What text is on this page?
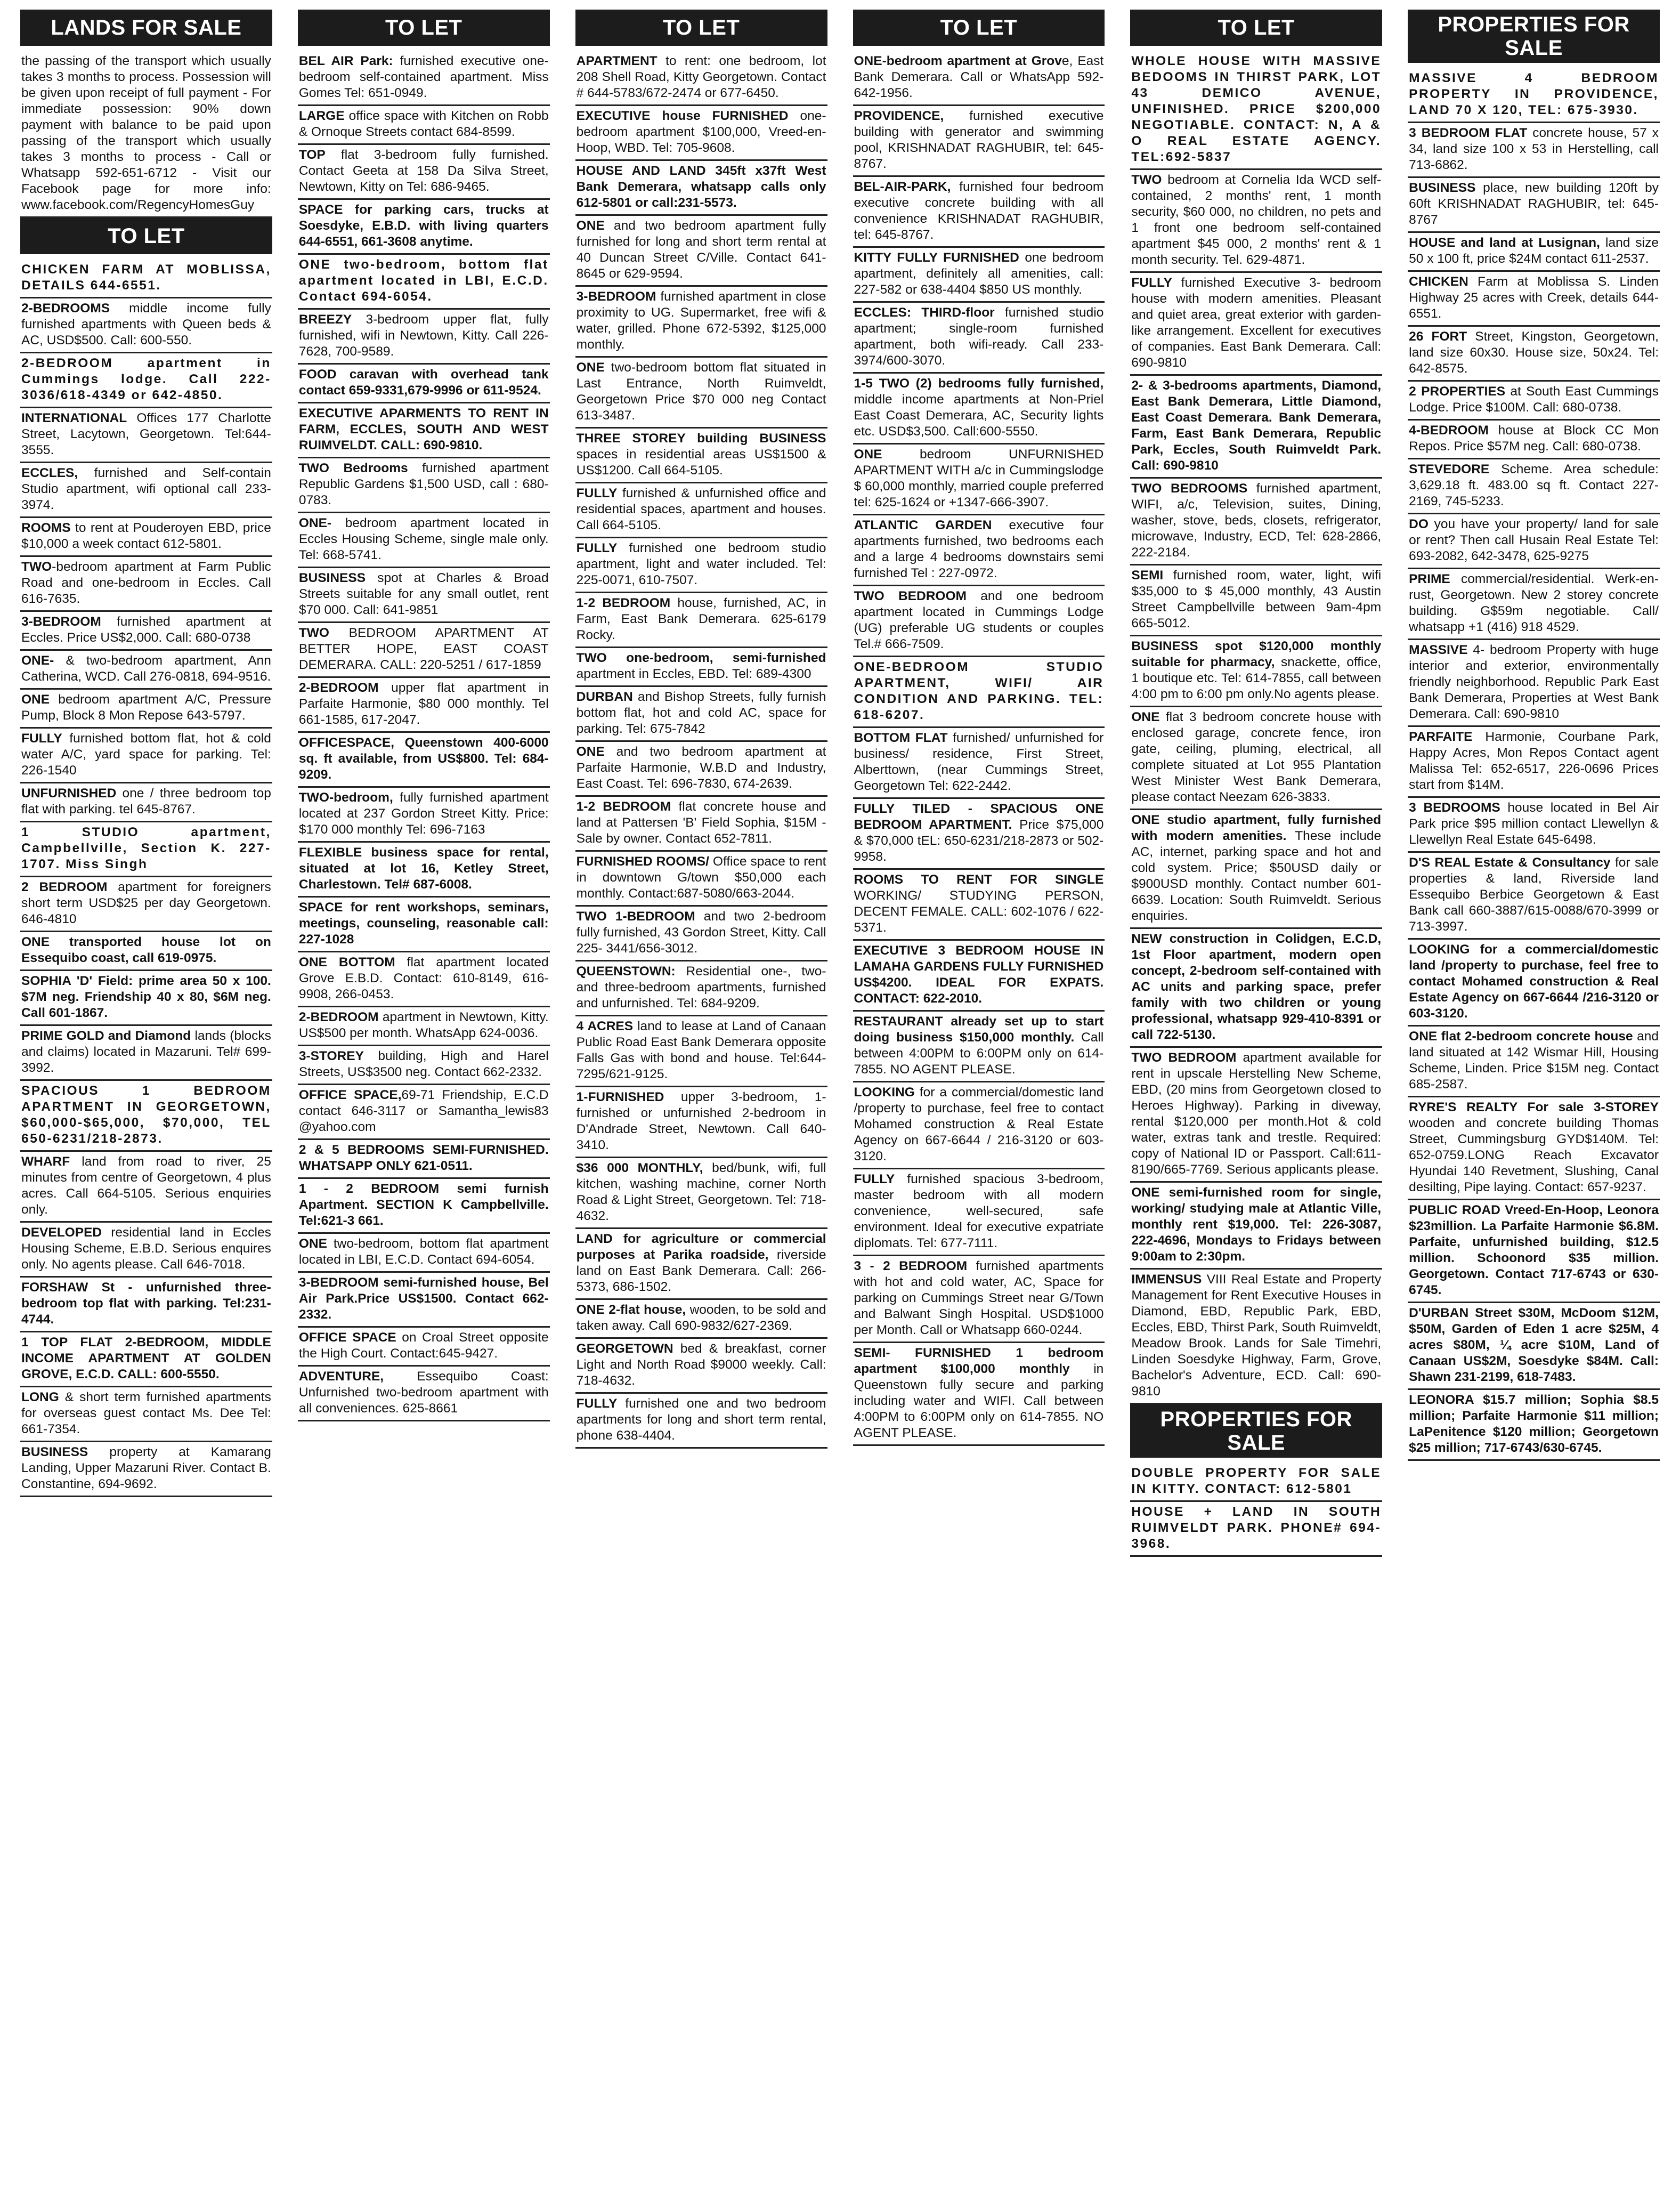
LANDS FOR SALE
the passing of the transport which usually takes 3 months to process. Possession will be given upon receipt of full payment - For immediate possession: 90% down payment with balance to be paid upon passing of the transport which usually takes 3 months to process - Call or Whatsapp 592-651-6712 - Visit our Facebook page for more info: www.facebook.com/RegencyHomesGuy
TO LET
CHICKEN FARM AT MOBLISSA, DETAILS 644-6551.
2-BEDROOMS middle income fully furnished apartments with Queen beds & AC, USD$500. Call: 600-550.
2-BEDROOM apartment in Cummings lodge. Call 222-3036/618-4349 or 642-4850.
INTERNATIONAL Offices 177 Charlotte Street, Lacytown, Georgetown. Tel:644-3555.
ECCLES, furnished and Self-contain Studio apartment, wifi optional call 233-3974.
ROOMS to rent at Pouderoyen EBD, price $10,000 a week contact 612-5801.
TWO-bedroom apartment at Farm Public Road and one-bedroom in Eccles. Call 616-7635.
3-BEDROOM furnished apartment at Eccles. Price US$2,000. Call: 680-0738
ONE- & two-bedroom apartment, Ann Catherina, WCD. Call 276-0818, 694-9516.
ONE bedroom apartment A/C, Pressure Pump, Block 8 Mon Repose 643-5797.
FULLY furnished bottom flat, hot & cold water A/C, yard space for parking. Tel: 226-1540
UNFURNISHED one / three bedroom top flat with parking. tel 645-8767.
1 STUDIO apartment, Campbellville, Section K. 227-1707. Miss Singh
2 BEDROOM apartment for foreigners short term USD$25 per day Georgetown. 646-4810
ONE transported house lot on Essequibo coast, call 619-0975.
SOPHIA 'D' Field: prime area 50 x 100. $7M neg. Friendship 40 x 80, $6M neg. Call 601-1867.
PRIME GOLD and Diamond lands (blocks and claims) located in Mazaruni. Tel# 699-3992.
SPACIOUS 1 BEDROOM APARTMENT IN GEORGETOWN, $60,000-$65,000, $70,000, TEL 650-6231/218-2873.
WHARF land from road to river, 25 minutes from centre of Georgetown, 4 plus acres. Call 664-5105. Serious enquiries only.
DEVELOPED residential land in Eccles Housing Scheme, E.B.D. Serious enquires only. No agents please. Call 646-7018.
FORSHAW St - unfurnished three-bedroom top flat with parking. Tel:231-4744.
1 TOP FLAT 2-BEDROOM, MIDDLE INCOME APARTMENT AT GOLDEN GROVE, E.C.D. CALL: 600-5550.
LONG & short term furnished apartments for overseas guest contact Ms. Dee Tel: 661-7354.
BUSINESS property at Kamarang Landing, Upper Mazaruni River. Contact B. Constantine, 694-9692.
TO LET
BEL AIR Park: furnished executive one-bedroom self-contained apartment. Miss Gomes Tel: 651-0949.
LARGE office space with Kitchen on Robb & Ornoque Streets contact 684-8599.
TOP flat 3-bedroom fully furnished. Contact Geeta at 158 Da Silva Street, Newtown, Kitty on Tel: 686-9465.
SPACE for parking cars, trucks at Soesdyke, E.B.D. with living quarters 644-6551, 661-3608 anytime.
ONE two-bedroom, bottom flat apartment located in LBI, E.C.D. Contact 694-6054.
BREEZY 3-bedroom upper flat, fully furnished, wifi in Newtown, Kitty. Call 226-7628, 700-9589.
FOOD caravan with overhead tank contact 659-9331,679-9996 or 611-9524.
EXECUTIVE APARMENTS TO RENT IN FARM, ECCLES, SOUTH AND WEST RUIMVELDT. CALL: 690-9810.
TWO Bedrooms furnished apartment Republic Gardens $1,500 USD, call : 680-0783.
ONE- bedroom apartment located in Eccles Housing Scheme, single male only. Tel: 668-5741.
BUSINESS spot at Charles & Broad Streets suitable for any small outlet, rent $70 000. Call: 641-9851
TWO BEDROOM APARTMENT AT BETTER HOPE, EAST COAST DEMERARA. CALL: 220-5251 / 617-1859
2-BEDROOM upper flat apartment in Parfaite Harmonie, $80 000 monthly. Tel 661-1585, 617-2047.
OFFICESPACE, Queenstown 400-6000 sq. ft available, from US$800. Tel: 684-9209.
TWO-bedroom, fully furnished apartment located at 237 Gordon Street Kitty. Price: $170 000 monthly Tel: 696-7163
FLEXIBLE business space for rental, situated at lot 16, Ketley Street, Charlestown. Tel# 687-6008.
SPACE for rent workshops, seminars, meetings, counseling, reasonable call: 227-1028
ONE BOTTOM flat apartment located Grove E.B.D. Contact: 610-8149, 616-9908, 266-0453.
2-BEDROOM apartment in Newtown, Kitty. US$500 per month. WhatsApp 624-0036.
3-STOREY building, High and Harel Streets, US$3500 neg. Contact 662-2332.
OFFICE SPACE,69-71 Friendship, E.C.D contact 646-3117 or Samantha_lewis83 @yahoo.com
2 & 5 BEDROOMS SEMI-FURNISHED. WHATSAPP ONLY 621-0511.
1 - 2 BEDROOM semi furnish Apartment. SECTION K Campbellville. Tel:621-3 661.
ONE two-bedroom, bottom flat apartment located in LBI, E.C.D. Contact 694-6054.
3-BEDROOM semi-furnished house, Bel Air Park.Price US$1500. Contact 662-2332.
OFFICE SPACE on Croal Street opposite the High Court. Contact:645-9427.
ADVENTURE, Essequibo Coast: Unfurnished two-bedroom apartment with all conveniences. 625-8661
TO LET
APARTMENT to rent: one bedroom, lot 208 Shell Road, Kitty Georgetown. Contact # 644-5783/672-2474 or 677-6450.
EXECUTIVE house FURNISHED one-bedroom apartment $100,000, Vreed-en-Hoop, WBD. Tel: 705-9608.
HOUSE AND LAND 345ft x37ft West Bank Demerara, whatsapp calls only 612-5801 or call:231-5573.
ONE and two bedroom apartment fully furnished for long and short term rental at 40 Duncan Street C/Ville. Contact 641-8645 or 629-9594.
3-BEDROOM furnished apartment in close proximity to UG. Supermarket, free wifi & water, grilled. Phone 672-5392, $125,000 monthly.
ONE two-bedroom bottom flat situated in Last Entrance, North Ruimveldt, Georgetown Price $70 000 neg Contact 613-3487.
THREE STOREY building BUSINESS spaces in residential areas US$1500 & US$1200. Call 664-5105.
FULLY furnished & unfurnished office and residential spaces, apartment and houses. Call 664-5105.
FULLY furnished one bedroom studio apartment, light and water included. Tel: 225-0071, 610-7507.
1-2 BEDROOM house, furnished, AC, in Farm, East Bank Demerara. 625-6179 Rocky.
TWO one-bedroom, semi-furnished apartment in Eccles, EBD. Tel: 689-4300
DURBAN and Bishop Streets, fully furnish bottom flat, hot and cold AC, space for parking. Tel: 675-7842
ONE and two bedroom apartment at Parfaite Harmonie, W.B.D and Industry, East Coast. Tel: 696-7830, 674-2639.
1-2 BEDROOM flat concrete house and land at Pattersen 'B' Field Sophia, $15M - Sale by owner. Contact 652-7811.
FURNISHED ROOMS/ Office space to rent in downtown G/town $50,000 each monthly. Contact:687-5080/663-2044.
TWO 1-BEDROOM and two 2-bedroom fully furnished, 43 Gordon Street, Kitty. Call 225- 3441/656-3012.
QUEENSTOWN: Residential one-, two- and three-bedroom apartments, furnished and unfurnished. Tel: 684-9209.
4 ACRES land to lease at Land of Canaan Public Road East Bank Demerara opposite Falls Gas with bond and house. Tel:644-7295/621-9125.
1-FURNISHED upper 3-bedroom, 1-furnished or unfurnished 2-bedroom in D'Andrade Street, Newtown. Call 640-3410.
$36 000 MONTHLY, bed/bunk, wifi, full kitchen, washing machine, corner North Road & Light Street, Georgetown. Tel: 718-4632.
LAND for agriculture or commercial purposes at Parika roadside, riverside land on East Bank Demerara. Call: 266-5373, 686-1502.
ONE 2-flat house, wooden, to be sold and taken away. Call 690-9832/627-2369.
GEORGETOWN bed & breakfast, corner Light and North Road $9000 weekly. Call: 718-4632.
FULLY furnished one and two bedroom apartments for long and short term rental, phone 638-4404.
TO LET
ONE-bedroom apartment at Grove, East Bank Demerara. Call or WhatsApp 592-642-1956.
PROVIDENCE, furnished executive building with generator and swimming pool, KRISHNADAT RAGHUBIR, tel: 645-8767.
BEL-AIR-PARK, furnished four bedroom executive concrete building with all convenience KRISHNADAT RAGHUBIR, tel: 645-8767.
KITTY FULLY FURNISHED one bedroom apartment, definitely all amenities, call: 227-582 or 638-4404 $850 US monthly.
ECCLES: THIRD-floor furnished studio apartment; single-room furnished apartment, both wifi-ready. Call 233-3974/600-3070.
1-5 TWO (2) bedrooms fully furnished, middle income apartments at Non-Priel East Coast Demerara, AC, Security lights etc. USD$3,500. Call:600-5550.
ONE bedroom UNFURNISHED APARTMENT WITH a/c in Cummingslodge $ 60,000 monthly, married couple preferred tel: 625-1624 or +1347-666-3907.
ATLANTIC GARDEN executive four apartments furnished, two bedrooms each and a large 4 bedrooms downstairs semi furnished Tel : 227-0972.
TWO BEDROOM and one bedroom apartment located in Cummings Lodge (UG) preferable UG students or couples Tel.# 666-7509.
ONE-BEDROOM STUDIO APARTMENT, WIFI/ AIR CONDITION AND PARKING. TEL: 618-6207.
BOTTOM FLAT furnished/ unfurnished for business/ residence, First Street, Alberttown, (near Cummings Street, Georgetown Tel: 622-2442.
FULLY TILED - SPACIOUS ONE BEDROOM APARTMENT. Price $75,000 & $70,000 tEL: 650-6231/218-2873 or 502-9958.
ROOMS TO RENT FOR SINGLE WORKING/ STUDYING PERSON, DECENT FEMALE. CALL: 602-1076 / 622-5371.
EXECUTIVE 3 BEDROOM HOUSE IN LAMAHA GARDENS FULLY FURNISHED US$4200. IDEAL FOR EXPATS. CONTACT: 622-2010.
RESTAURANT already set up to start doing business $150,000 monthly. Call between 4:00PM to 6:00PM only on 614-7855. NO AGENT PLEASE.
LOOKING for a commercial/domestic land /property to purchase, feel free to contact Mohamed construction & Real Estate Agency on 667-6644 / 216-3120 or 603-3120.
FULLY furnished spacious 3-bedroom, master bedroom with all modern convenience, well-secured, safe environment. Ideal for executive expatriate diplomats. Tel: 677-7111.
3 - 2 BEDROOM furnished apartments with hot and cold water, AC, Space for parking on Cummings Street near G/Town and Balwant Singh Hospital. USD$1000 per Month. Call or Whatsapp 660-0244.
SEMI- FURNISHED 1 bedroom apartment $100,000 monthly in Queenstown fully secure and parking including water and WIFI. Call between 4:00PM to 6:00PM only on 614-7855. NO AGENT PLEASE.
TO LET
WHOLE HOUSE WITH MASSIVE BEDOOMS IN THIRST PARK, LOT 43 DEMICO AVENUE, UNFINISHED. PRICE $200,000 NEGOTIABLE. CONTACT: N, A & O REAL ESTATE AGENCY. TEL:692-5837
TWO bedroom at Cornelia Ida WCD self-contained, 2 months' rent, 1 month security, $60 000, no children, no pets and 1 front one bedroom self-contained apartment $45 000, 2 months' rent & 1 month security. Tel. 629-4871.
FULLY furnished Executive 3- bedroom house with modern amenities. Pleasant and quiet area, great exterior with garden-like arrangement. Excellent for executives of companies. East Bank Demerara. Call: 690-9810
2- & 3-bedrooms apartments, Diamond, East Bank Demerara, Little Diamond, East Coast Demerara. Bank Demerara, Farm, East Bank Demerara, Republic Park, Eccles, South Ruimveldt Park. Call: 690-9810
TWO BEDROOMS furnished apartment, WIFI, a/c, Television, suites, Dining, washer, stove, beds, closets, refrigerator, microwave, Industry, ECD, Tel: 628-2866, 222-2184.
SEMI furnished room, water, light, wifi $35,000 to $ 45,000 monthly, 43 Austin Street Campbellville between 9am-4pm 665-5012.
BUSINESS spot $120,000 monthly suitable for pharmacy, snackette, office, 1 boutique etc. Tel: 614-7855, call between 4:00 pm to 6:00 pm only.No agents please.
ONE flat 3 bedroom concrete house with enclosed garage, concrete fence, iron gate, ceiling, pluming, electrical, all complete situated at Lot 955 Plantation West Minister West Bank Demerara, please contact Neezam 626-3833.
ONE studio apartment, fully furnished with modern amenities. These include AC, internet, parking space and hot and cold system. Price; $50USD daily or $900USD monthly. Contact number 601-6639. Location: South Ruimveldt. Serious enquiries.
NEW construction in Colidgen, E.C.D, 1st Floor apartment, modern open concept, 2-bedroom self-contained with AC units and parking space, prefer family with two children or young professional, whatsapp 929-410-8391 or call 722-5130.
TWO BEDROOM apartment available for rent in upscale Herstelling New Scheme, EBD, (20 mins from Georgetown closed to Heroes Highway). Parking in diveway, rental $120,000 per month.Hot & cold water, extras tank and trestle. Required: copy of National ID or Passport. Call:611-8190/665-7769. Serious applicants please.
ONE semi-furnished room for single, working/ studying male at Atlantic Ville, monthly rent $19,000. Tel: 226-3087, 222-4696, Mondays to Fridays between 9:00am to 2:30pm.
IMMENSUS VIII Real Estate and Property Management for Rent Executive Houses in Diamond, EBD, Republic Park, EBD, Eccles, EBD, Thirst Park, South Ruimveldt, Meadow Brook. Lands for Sale Timehri, Linden Soesdyke Highway, Farm, Grove, Bachelor's Adventure, ECD. Call: 690-9810
PROPERTIES FOR SALE
DOUBLE PROPERTY FOR SALE IN KITTY. CONTACT: 612-5801
HOUSE + LAND IN SOUTH RUIMVELDT PARK. PHONE# 694-3968.
PROPERTIES FOR SALE
MASSIVE 4 BEDROOM PROPERTY IN PROVIDENCE, LAND 70 X 120, TEL: 675-3930.
3 BEDROOM FLAT concrete house, 57 x 34, land size 100 x 53 in Herstelling, call 713-6862.
BUSINESS place, new building 120ft by 60ft KRISHNADAT RAGHUBIR, tel: 645-8767
HOUSE and land at Lusignan, land size 50 x 100 ft, price $24M contact 611-2537.
CHICKEN Farm at Moblissa S. Linden Highway 25 acres with Creek, details 644-6551.
26 FORT Street, Kingston, Georgetown, land size 60x30. House size, 50x24. Tel: 642-8575.
2 PROPERTIES at South East Cummings Lodge. Price $100M. Call: 680-0738.
4-BEDROOM house at Block CC Mon Repos. Price $57M neg. Call: 680-0738.
STEVEDORE Scheme. Area schedule: 3,629.18 ft. 483.00 sq ft. Contact 227-2169, 745-5233.
DO you have your property/ land for sale or rent? Then call Husain Real Estate Tel: 693-2082, 642-3478, 625-9275
PRIME commercial/residential. Werk-en-rust, Georgetown. New 2 storey concrete building. G$59m negotiable. Call/ whatsapp +1 (416) 918 4529.
MASSIVE 4- bedroom Property with huge interior and exterior, environmentally friendly neighborhood. Republic Park East Bank Demerara, Properties at West Bank Demerara. Call: 690-9810
PARFAITE Harmonie, Courbane Park, Happy Acres, Mon Repos Contact agent Malissa Tel: 652-6517, 226-0696 Prices start from $14M.
3 BEDROOMS house located in Bel Air Park price $95 million contact Llewellyn & Llewellyn Real Estate 645-6498.
D'S REAL Estate & Consultancy for sale properties & land, Riverside land Essequibo Berbice Georgetown & East Bank call 660-3887/615-0088/670-3999 or 713-3997.
LOOKING for a commercial/domestic land /property to purchase, feel free to contact Mohamed construction & Real Estate Agency on 667-6644 /216-3120 or 603-3120.
ONE flat 2-bedroom concrete house and land situated at 142 Wismar Hill, Housing Scheme, Linden. Price $15M neg. Contact 685-2587.
RYRE'S REALTY For sale 3-STOREY wooden and concrete building Thomas Street, Cummingsburg GYD$140M. Tel: 652-0759.LONG Reach Excavator Hyundai 140 Revetment, Slushing, Canal desilting, Pipe laying. Contact: 657-9237.
PUBLIC ROAD Vreed-En-Hoop, Leonora $23million. La Parfaite Harmonie $6.8M. Parfaite, unfurnished building, $12.5 million. Schoonord $35 million. Georgetown. Contact 717-6743 or 630-6745.
D'URBAN Street $30M, McDoom $12M, $50M, Garden of Eden 1 acre $25M, 4 acres $80M, ¼ acre $10M, Land of Canaan US$2M, Soesdyke $84M. Call: Shawn 231-2199, 618-7483.
LEONORA $15.7 million; Sophia $8.5 million; Parfaite Harmonie $11 million; LaPenitence $120 million; Georgetown $25 million; 717-6743/630-6745.
